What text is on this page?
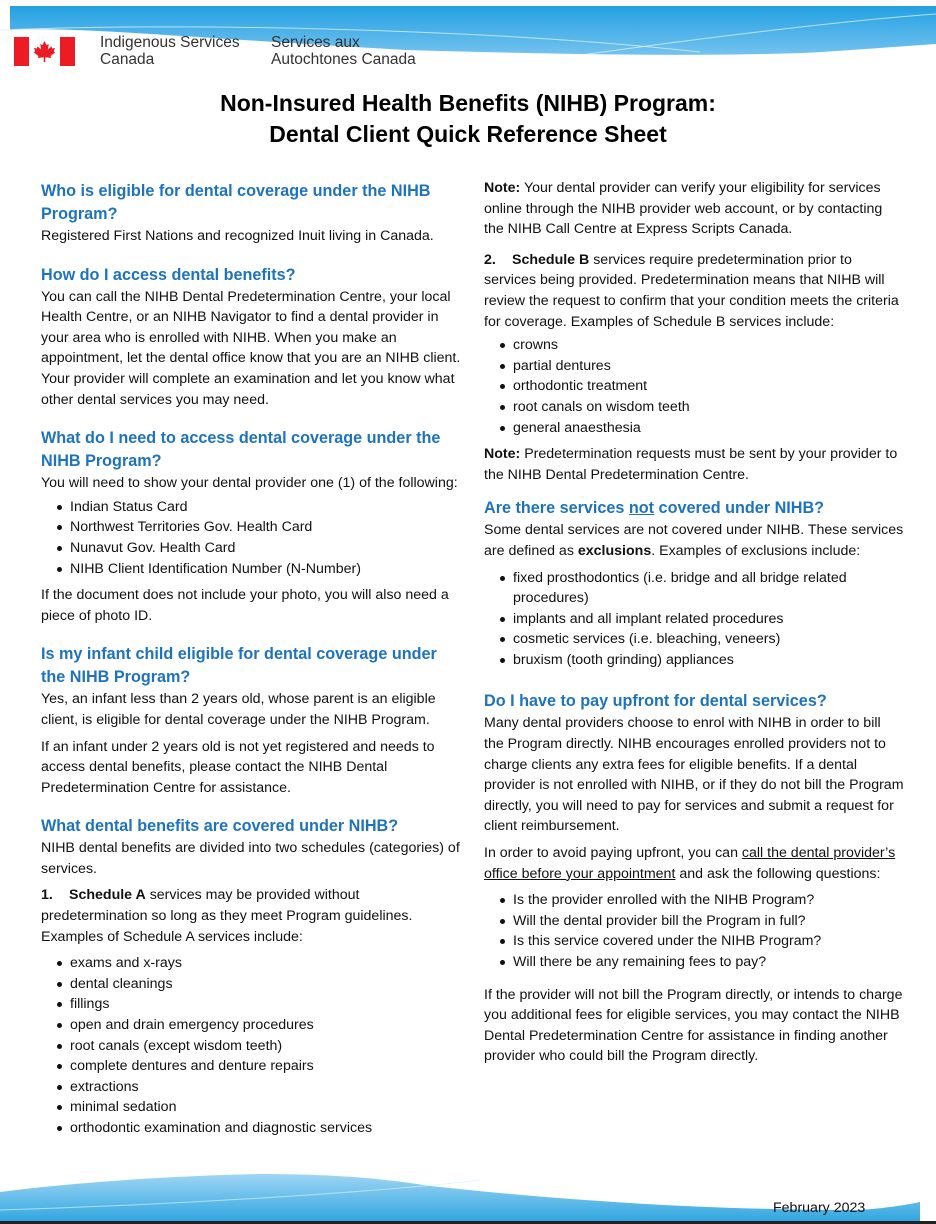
Indigenous Services
Canada
Services aux
Autochtones Canada
Non-Insured Health Benefits (NIHB) Program:
Dental Client Quick Reference Sheet
Who is eligible for dental coverage under the NIHB Program?

Registered First Nations and recognized Inuit living in Canada.

How do I access dental benefits?

You can call the NIHB Dental Predetermination Centre, your local Health Centre, or an NIHB Navigator to find a dental provider in your area who is enrolled with NIHB. When you make an appointment, let the dental office know that you are an NIHB client. Your provider will complete an examination and let you know what other dental services you may need.

What do I need to access dental coverage under the NIHB Program?

You will need to show your dental provider one (1) of the following:

Indian Status Card
Northwest Territories Gov. Health Card
Nunavut Gov. Health Card
NIHB Client Identification Number (N-Number)

If the document does not include your photo, you will also need a piece of photo ID.

Is my infant child eligible for dental coverage under the NIHB Program?

Yes, an infant less than 2 years old, whose parent is an eligible client, is eligible for dental coverage under the NIHB Program.

If an infant under 2 years old is not yet registered and needs to access dental benefits, please contact the NIHB Dental Predetermination Centre for assistance.

What dental benefits are covered under NIHB?

NIHB dental benefits are divided into two schedules (categories) of services.

1. Schedule A services may be provided without predetermination so long as they meet Program guidelines. Examples of Schedule A services include:

exams and x-rays
dental cleanings
fillings
open and drain emergency procedures
root canals (except wisdom teeth)
complete dentures and denture repairs
extractions
minimal sedation
orthodontic examination and diagnostic services

Note: Your dental provider can verify your eligibility for services online through the NIHB provider web account, or by contacting the NIHB Call Centre at Express Scripts Canada.

2. Schedule B services require predetermination prior to services being provided. Predetermination means that NIHB will review the request to confirm that your condition meets the criteria for coverage. Examples of Schedule B services include:

crowns
partial dentures
orthodontic treatment
root canals on wisdom teeth
general anaesthesia

Note: Predetermination requests must be sent by your provider to the NIHB Dental Predetermination Centre.

Are there services not covered under NIHB?

Some dental services are not covered under NIHB. These services are defined as exclusions. Examples of exclusions include:

fixed prosthodontics (i.e. bridge and all bridge related procedures)
implants and all implant related procedures
cosmetic services (i.e. bleaching, veneers)
bruxism (tooth grinding) appliances
Do I have to pay upfront for dental services?

Many dental providers choose to enrol with NIHB in order to bill the Program directly. NIHB encourages enrolled providers not to charge clients any extra fees for eligible benefits. If a dental provider is not enrolled with NIHB, or if they do not bill the Program directly, you will need to pay for services and submit a request for client reimbursement.

In order to avoid paying upfront, you can call the dental provider’s office before your appointment and ask the following questions:

Is the provider enrolled with the NIHB Program?
Will the dental provider bill the Program in full?
Is this service covered under the NIHB Program?
Will there be any remaining fees to pay?

If the provider will not bill the Program directly, or intends to charge you additional fees for eligible services, you may contact the NIHB Dental Predetermination Centre for assistance in finding another provider who could bill the Program directly.

February 2023
